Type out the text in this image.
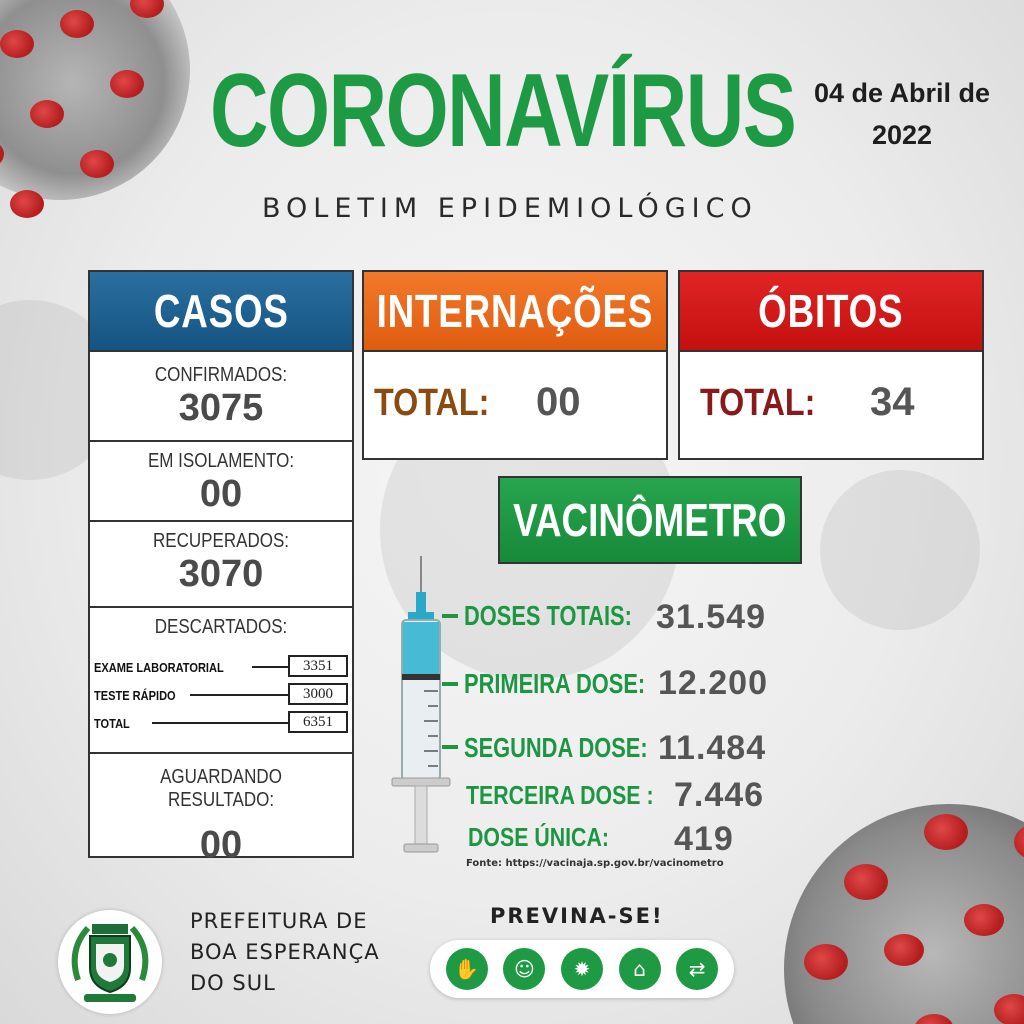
CORONAVÍRUS 04 de Abril de 2022
BOLETIM EPIDEMIOLÓGICO
CASOS
CONFIRMADOS:
3075
EM ISOLAMENTO:
00
RECUPERADOS:
3070
DESCARTADOS:
EXAME LABORATORIAL	3351
TESTE RÁPIDO	3000
TOTAL	6351
AGUARDANDO RESULTADO:
00
INTERNAÇÕES
TOTAL: 00
ÓBITOS
TOTAL: 34
VACINÔMETRO
DOSES TOTAIS: 31.549
PRIMEIRA DOSE: 12.200
SEGUNDA DOSE: 11.484
TERCEIRA DOSE : 7.446
DOSE ÚNICA: 419
Fonte: https://vacinaja.sp.gov.br/vacinometro
PREFEITURA DE
BOA ESPERANÇA
DO SUL
PREVINA-SE!
✋	☺	✹	⌂	⇄
